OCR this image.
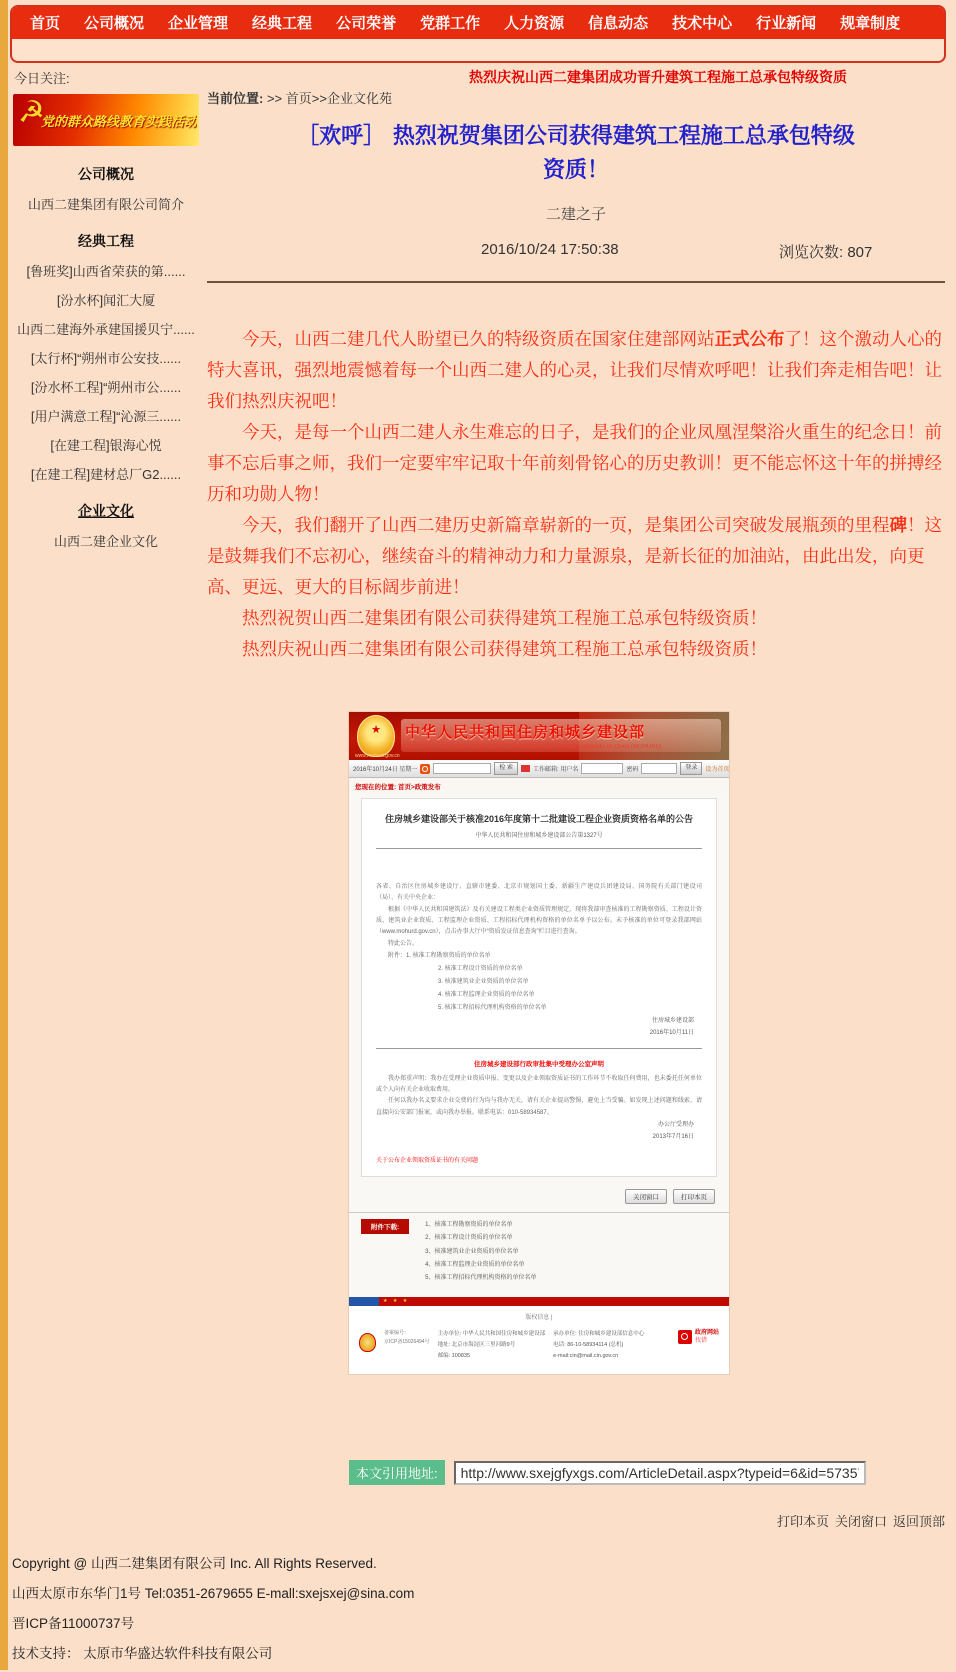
首页	公司概况	企业管理	经典工程	公司荣誉	党群工作	人力资源	信息动态	技术中心	行业新闻	规章制度
今日关注:	热烈庆祝山西二建集团成功晋升建筑工程施工总承包特级资质
☭
党的群众路线教育实践活动
公司概况
山西二建集团有限公司简介
经典工程
[鲁班奖]山西省荣获的第......
[汾水杯]闻汇大厦
山西二建海外承建国援贝宁......
[太行杯]“朔州市公安技......
[汾水杯工程]“朔州市公......
[用户满意工程]“沁源三......
[在建工程]银海心悦
[在建工程]建材总厂G2......
企业文化
山西二建企业文化
当前位置: >> 首页>>企业文化苑
［欢呼］ 热烈祝贺集团公司获得建筑工程施工总承包特级资质！
二建之子
2016/10/24 17:50:38	浏览次数: 807

今天，山西二建几代人盼望已久的特级资质在国家住建部网站正式公布了！这个激动人心的特大喜讯，强烈地震憾着每一个山西二建人的心灵，让我们尽情欢呼吧！让我们奔走相告吧！让我们热烈庆祝吧！

今天，是每一个山西二建人永生难忘的日子，是我们的企业凤凰涅槃浴火重生的纪念日！前事不忘后事之师，我们一定要牢牢记取十年前刻骨铭心的历史教训！更不能忘怀这十年的拼搏经历和功勋人物！

今天，我们翻开了山西二建历史新篇章崭新的一页，是集团公司突破发展瓶颈的里程碑！这是鼓舞我们不忘初心，继续奋斗的精神动力和力量源泉，是新长征的加油站，由此出发，向更高、更远、更大的目标阔步前进！

热烈祝贺山西二建集团有限公司获得建筑工程施工总承包特级资质！

热烈庆祝山西二建集团有限公司获得建筑工程施工总承包特级资质！

★
中华人民共和国住房和城乡建设部
Ministry of Housing and Urban-Rural Development of the People's Republic of China (MOHURD)
www.mohurd.gov.cn
2016年10月24日 星期一	检 索	工作邮箱: 用户名	密码	登录	设为首页
您现在的位置: 首页>政策发布
住房城乡建设部关于核准2016年度第十二批建设工程企业资质资格名单的公告
中华人民共和国住房和城乡建设部公告第1327号

各省、自治区住房城乡建设厅、直辖市建委、北京市规划国土委、新疆生产建设兵团建设局、国务院有关部门建设司（局）、有关中央企业：

根据《中华人民共和国建筑法》及有关建设工程类企业资质管理规定，现将我部审查核准的工程勘察资质、工程设计资质、建筑业企业资质、工程监理企业资质、工程招标代理机构资格的单位名单予以公布。未予核准的单位可登录我部网站（www.mohurd.gov.cn），点击办事大厅中“资质发证信息查询”栏目进行查询。

特此公告。

附件： 1. 核准工程勘察资质的单位名单
2. 核准工程设计资质的单位名单
3. 核准建筑业企业资质的单位名单
4. 核准工程监理企业资质的单位名单
5. 核准工程招标代理机构资格的单位名单
住房城乡建设部
2016年10月11日
住房城乡建设部行政审批集中受理办公室声明

我办郑重声明：我办在受理企业资质申报、变更以及企业领取资质证书的工作环节不收取任何费用，也未委托任何单位或个人向有关企业收取费用。

任何以我办名义要求企业交费的行为均与我办无关，请有关企业提高警惕，避免上当受骗。如发现上述问题和线索，请直接向公安部门报案，或向我办举报。联系电话：010-58934587。

办公厅受理办
2013年7月16日
关于公布企业领取资质证书的有关问题
关闭窗口	打印本页
附件下载:	1、核准工程勘察资质的单位名单
2、核准工程设计资质的单位名单
3、核准建筑业企业资质的单位名单
4、核准工程监理企业资质的单位名单
5、核准工程招标代理机构资格的单位名单
★ ★ ★
版权信息 |
备案编号：
京ICP备15026494号
主办单位: 中华人民共和国住房和城乡建设部
地址: 北京市海淀区三里河路9号
邮编: 100835
承办单位: 住房和城乡建设部信息中心
电话: 86-10-58934114 (总机)
e-mail:cin@mail.cin.gov.cn
政府网站
找错
本文引用地址:
http://www.sxejgfyxgs.com/ArticleDetail.aspx?typeid=6&id=57357
打印本页 关闭窗口 返回顶部
Copyright @ 山西二建集团有限公司 Inc. All Rights Reserved.
山西太原市东华门1号 Tel:0351-2679655 E-mall:sxejsxej@sina.com
晋ICP备11000737号
技术支持： 太原市华盛达软件科技有限公司
